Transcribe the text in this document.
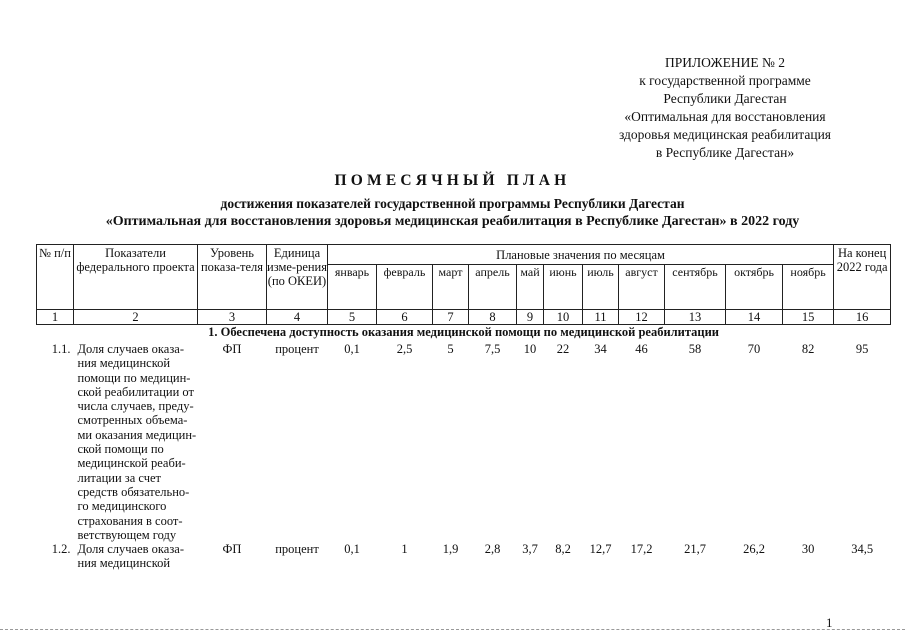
ПРИЛОЖЕНИЕ № 2
к государственной программе
Республики Дагестан
«Оптимальная для восстановления
здоровья медицинская реабилитация
в Республике Дагестан»
ПОМЕСЯЧНЫЙ ПЛАН
достижения показателей государственной программы Республики Дагестан
«Оптимальная для восстановления здоровья медицинская реабилитация в Республике Дагестан» в 2022 году
№ п/п	Показатели федерального проекта	Уровень показа-теля	Единица изме-рения (по ОКЕИ)	Плановые значения по месяцам											На конец 2022 года
				январь	февраль	март	апрель	май	июнь	июль	август	сентябрь	октябрь	ноябрь	
1	2	3	4	5	6	7	8	9	10	11	12	13	14	15	16
1. Обеспечена доступность оказания медицинской помощи по медицинской реабилитации															
1.1.	Доля случаев оказа-ния медицинской помощи по медицин-ской реабилитации от числа случаев, преду-смотренных объема-ми оказания медицин-ской помощи по медицинской реаби-литации за счет средств обязательно-го медицинского страхования в соот-ветствующем году	ФП	процент	0,1	2,5	5	7,5	10	22	34	46	58	70	82	95
1.2.	Доля случаев оказа-ния медицинской	ФП	процент	0,1	1	1,9	2,8	3,7	8,2	12,7	17,2	21,7	26,2	30	34,5
1
